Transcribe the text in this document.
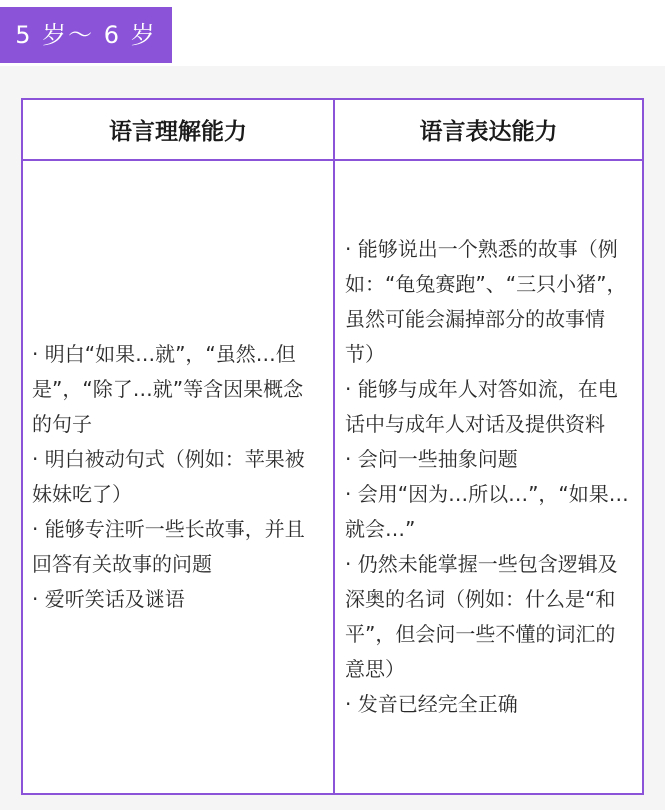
5 岁～ 6 岁
语言理解能力	语言表达能力

· 明白“如果…就”，“虽然…但是”，“除了…就”等含因果概念的句子

· 明白被动句式（例如：苹果被妹妹吃了）

· 能够专注听一些长故事，并且回答有关故事的问题

· 爱听笑话及谜语

· 能够说出一个熟悉的故事（例如：“龟兔赛跑”、“三只小猪”，虽然可能会漏掉部分的故事情节）

· 能够与成年人对答如流，在电话中与成年人对话及提供资料

· 会问一些抽象问题

· 会用“因为…所以…”，“如果…就会…”

· 仍然未能掌握一些包含逻辑及深奥的名词（例如：什么是“和平”，但会问一些不懂的词汇的意思）

· 发音已经完全正确
